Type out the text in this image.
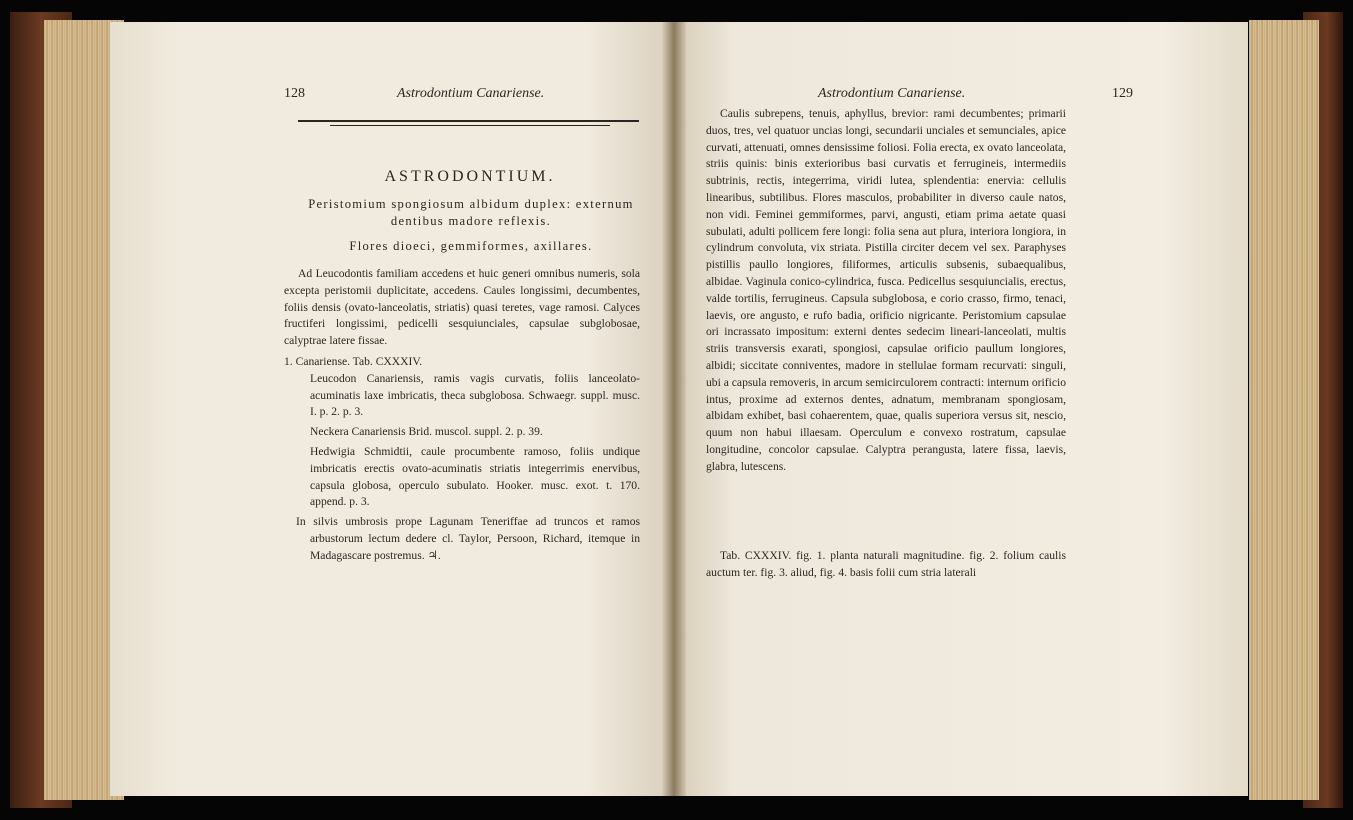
128	Astrodontium Canariense.
ASTRODONTIUM.
Peristomium spongiosum albidum duplex: externum dentibus madore reflexis.
Flores dioeci, gemmiformes, axillares.

Ad Leucodontis familiam accedens et huic generi omnibus numeris, sola excepta peristomii duplicitate, accedens. Caules longissimi, decumbentes, foliis densis (ovato-lanceolatis, striatis) quasi teretes, vage ramosi. Calyces fructiferi longissimi, pedicelli sesquiunciales, capsulae subglobosae, calyptrae latere fissae.

1. Canariense. Tab. CXXXIV.

Leucodon Canariensis, ramis vagis curvatis, foliis lanceolato-acuminatis laxe imbricatis, theca subglobosa. Schwaegr. suppl. musc. I. p. 2. p. 3.

Neckera Canariensis Brid. muscol. suppl. 2. p. 39.

Hedwigia Schmidtii, caule procumbente ramoso, foliis undique imbricatis erectis ovato-acuminatis striatis integerrimis enervibus, capsula globosa, operculo subulato. Hooker. musc. exot. t. 170. append. p. 3.

In silvis umbrosis prope Lagunam Teneriffae ad truncos et ramos arbustorum lectum dedere cl. Taylor, Persoon, Richard, itemque in Madagascare postremus. ♃.

Astrodontium Canariense.	129

Caulis subrepens, tenuis, aphyllus, brevior: rami decumbentes; primarii duos, tres, vel quatuor uncias longi, secundarii unciales et semunciales, apice curvati, attenuati, omnes densissime foliosi. Folia erecta, ex ovato lanceolata, striis quinis: binis exterioribus basi curvatis et ferrugineis, intermediis subtrinis, rectis, integerrima, viridi lutea, splendentia: enervia: cellulis linearibus, subtilibus. Flores masculos, probabiliter in diverso caule natos, non vidi. Feminei gemmiformes, parvi, angusti, etiam prima aetate quasi subulati, adulti pollicem fere longi: folia sena aut plura, interiora longiora, in cylindrum convoluta, vix striata. Pistilla circiter decem vel sex. Paraphyses pistillis paullo longiores, filiformes, articulis subsenis, subaequalibus, albidae. Vaginula conico-cylindrica, fusca. Pedicellus sesquiuncialis, erectus, valde tortilis, ferrugineus. Capsula subglobosa, e corio crasso, firmo, tenaci, laevis, ore angusto, e rufo badia, orificio nigricante. Peristomium capsulae ori incrassato impositum: externi dentes sedecim lineari-lanceolati, multis striis transversis exarati, spongiosi, capsulae orificio paullum longiores, albidi; siccitate conniventes, madore in stellulae formam recurvati: singuli, ubi a capsula removeris, in arcum semicirculorem contracti: internum orificio intus, proxime ad externos dentes, adnatum, membranam spongiosam, albidam exhibet, basi cohaerentem, quae, qualis superiora versus sit, nescio, quum non habui illaesam. Operculum e convexo rostratum, capsulae longitudine, concolor capsulae. Calyptra perangusta, latere fissa, laevis, glabra, lutescens.

Tab. CXXXIV. fig. 1. planta naturali magnitudine. fig. 2. folium caulis auctum ter. fig. 3. aliud, fig. 4. basis folii cum stria laterali
